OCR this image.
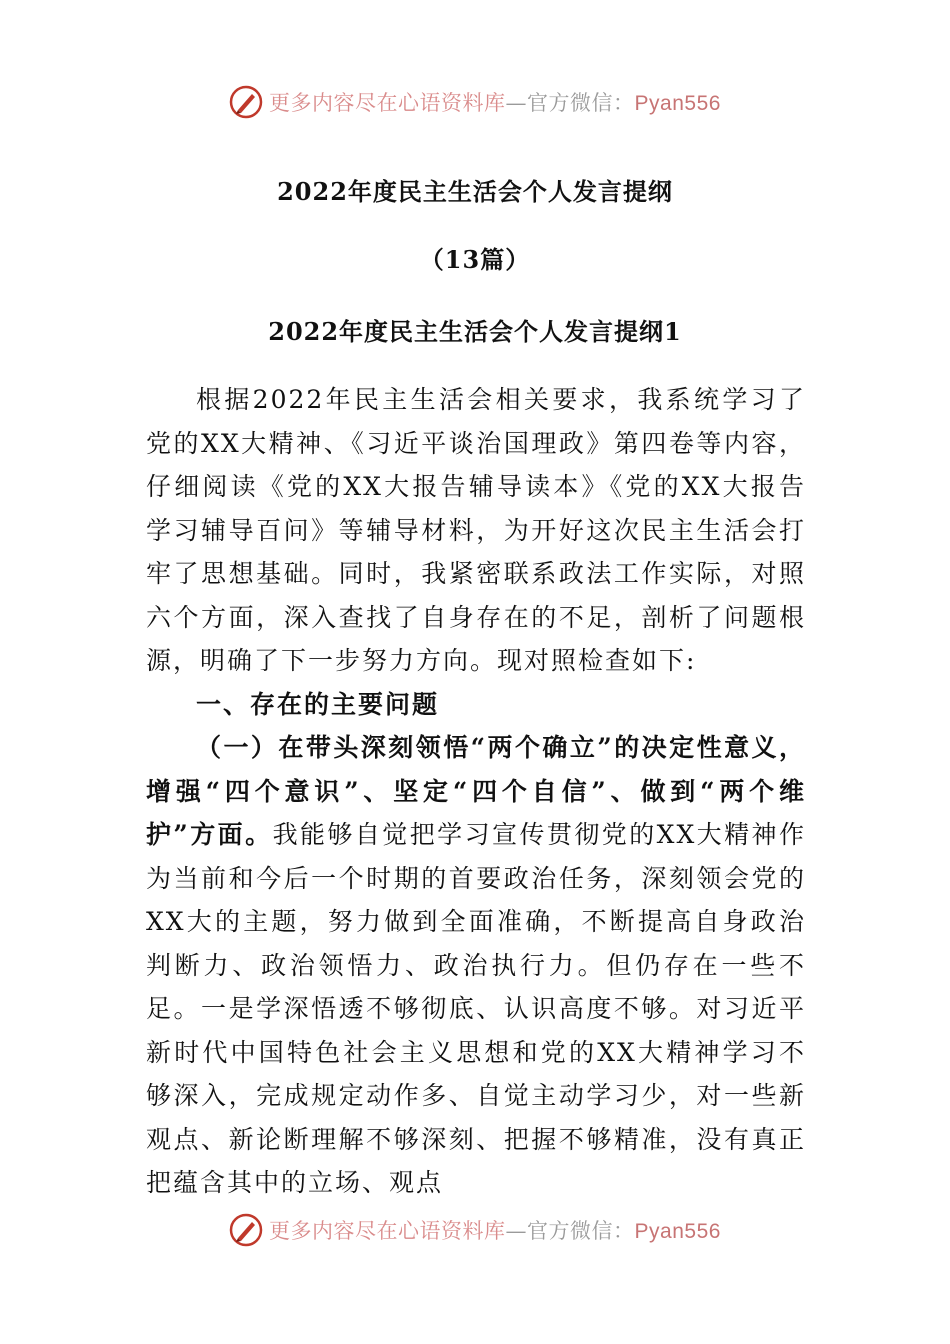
更多内容尽在心语资料库—官方微信：Pyan556
2022年度民主生活会个人发言提纲
（13篇）
2022年度民主生活会个人发言提纲1

根据2022年民主生活会相关要求，我系统学习了党的XX大精神、《习近平谈治国理政》第四卷等内容，仔细阅读《党的XX大报告辅导读本》《党的XX大报告学习辅导百问》等辅导材料，为开好这次民主生活会打牢了思想基础。同时，我紧密联系政法工作实际，对照六个方面，深入查找了自身存在的不足，剖析了问题根源，明确了下一步努力方向。现对照检查如下:

一、存在的主要问题

（一）在带头深刻领悟“两个确立”的决定性意义，增强“四个意识”、坚定“四个自信”、做到“两个维护”方面。我能够自觉把学习宣传贯彻党的XX大精神作为当前和今后一个时期的首要政治任务，深刻领会党的XX大的主题，努力做到全面准确，不断提高自身政治判断力、政治领悟力、政治执行力。但仍存在一些不足。一是学深悟透不够彻底、认识高度不够。对习近平新时代中国特色社会主义思想和党的XX大精神学习不够深入，完成规定动作多、自觉主动学习少，对一些新观点、新论断理解不够深刻、把握不够精准，没有真正把蕴含其中的立场、观点

更多内容尽在心语资料库—官方微信：Pyan556
